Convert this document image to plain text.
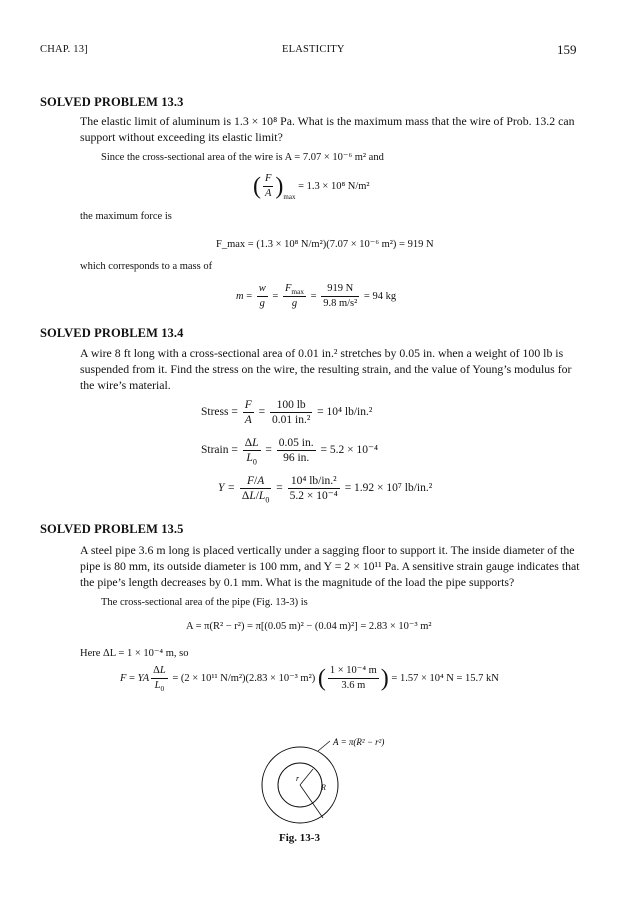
CHAP. 13]	ELASTICITY	159
SOLVED PROBLEM 13.3
The elastic limit of aluminum is 1.3 × 10⁸ Pa. What is the maximum mass that the wire of Prob. 13.2 can support without exceeding its elastic limit?
Since the cross-sectional area of the wire is A = 7.07 × 10⁻⁶ m² and
( $\frac{F}{A} )_{max} = 1.3 \times 10^8$ N/m²
the maximum force is
F_max = (1.3 × 10⁸ N/m²)(7.07 × 10⁻⁶ m²) = 919 N
which corresponds to a mass of
$m = \frac{w}{g} = \frac{F_{max}}{g} = \frac{919 N}{\text{9.8 m/s²}} = 94$ kg
SOLVED PROBLEM 13.4
A wire 8 ft long with a cross-sectional area of 0.01 in.² stretches by 0.05 in. when a weight of 100 lb is suspended from it. Find the stress on the wire, the resulting strain, and the value of Young’s modulus for the wire’s material.
Stress = $\frac{F}{A} = \frac{100 lb}{\text{0.01 in.²}} = 10^4$ lb/in.²
Strain = $\frac{\Delta L}{L_0} = \frac{0.05 in.}{96 in.} = 5.2 \times 10^{-4}$
$Y = \frac{F/A}{\Delta L/L_0} = \frac{\text{10⁴ lb/in.²}}{\text{5.2 × 10⁻⁴}} = 1.92 \times 10^7$ lb/in.²
SOLVED PROBLEM 13.5
A steel pipe 3.6 m long is placed vertically under a sagging floor to support it. The inside diameter of the pipe is 80 mm, its outside diameter is 100 mm, and Y = 2 × 10¹¹ Pa. A sensitive strain gauge indicates that the pipe’s length decreases by 0.1 mm. What is the magnitude of the load the pipe supports?
The cross-sectional area of the pipe (Fig. 13-3) is
A = π(R² − r²) = π[(0.05 m)² − (0.04 m)²] = 2.83 × 10⁻³ m²
Here ΔL = 1 × 10⁻⁴ m, so
F = YA $\frac{\Delta L}{L_0} = (2 \times 10^{11}$ N/m²)(2.83 × 10⁻³ m²) ( $\frac{\text{1 × 10⁻⁴ m}}{3.6 m}$ ) = 1.57 × 10⁴ N = 15.7 kN
r
R
A = π(R² − r²)
Fig. 13-3
